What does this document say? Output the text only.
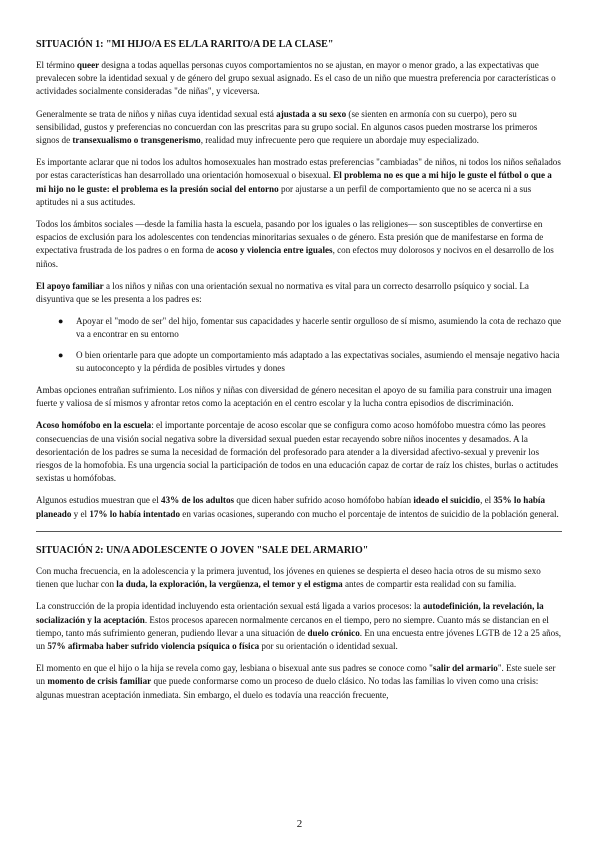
SITUACIÓN 1: "MI HIJO/A ES EL/LA RARITO/A DE LA CLASE"

El término queer designa a todas aquellas personas cuyos comportamientos no se ajustan, en mayor o menor grado, a las expectativas que prevalecen sobre la identidad sexual y de género del grupo sexual asignado. Es el caso de un niño que muestra preferencia por características o actividades socialmente consideradas "de niñas", y viceversa.

Generalmente se trata de niños y niñas cuya identidad sexual está ajustada a su sexo (se sienten en armonía con su cuerpo), pero su sensibilidad, gustos y preferencias no concuerdan con las prescritas para su grupo social. En algunos casos pueden mostrarse los primeros signos de transexualismo o transgenerismo, realidad muy infrecuente pero que requiere un abordaje muy especializado.

Es importante aclarar que ni todos los adultos homosexuales han mostrado estas preferencias "cambiadas" de niños, ni todos los niños señalados por estas características han desarrollado una orientación homosexual o bisexual. El problema no es que a mi hijo le guste el fútbol o que a mi hijo no le guste: el problema es la presión social del entorno por ajustarse a un perfil de comportamiento que no se acerca ni a sus aptitudes ni a sus actitudes.

Todos los ámbitos sociales —desde la familia hasta la escuela, pasando por los iguales o las religiones— son susceptibles de convertirse en espacios de exclusión para los adolescentes con tendencias minoritarias sexuales o de género. Esta presión que de manifestarse en forma de expectativa frustrada de los padres o en forma de acoso y violencia entre iguales, con efectos muy dolorosos y nocivos en el desarrollo de los niños.

El apoyo familiar a los niños y niñas con una orientación sexual no normativa es vital para un correcto desarrollo psíquico y social. La disyuntiva que se les presenta a los padres es:

● Apoyar el "modo de ser" del hijo, fomentar sus capacidades y hacerle sentir orgulloso de sí mismo, asumiendo la cota de rechazo que va a encontrar en su entorno
● O bien orientarle para que adopte un comportamiento más adaptado a las expectativas sociales, asumiendo el mensaje negativo hacia su autoconcepto y la pérdida de posibles virtudes y dones

Ambas opciones entrañan sufrimiento. Los niños y niñas con diversidad de género necesitan el apoyo de su familia para construir una imagen fuerte y valiosa de sí mismos y afrontar retos como la aceptación en el centro escolar y la lucha contra episodios de discriminación.

Acoso homófobo en la escuela: el importante porcentaje de acoso escolar que se configura como acoso homófobo muestra cómo las peores consecuencias de una visión social negativa sobre la diversidad sexual pueden estar recayendo sobre niños inocentes y desamados. A la desorientación de los padres se suma la necesidad de formación del profesorado para atender a la diversidad afectivo-sexual y prevenir los riesgos de la homofobia. Es una urgencia social la participación de todos en una educación capaz de cortar de raíz los chistes, burlas o actitudes sexistas u homófobas.

Algunos estudios muestran que el 43% de los adultos que dicen haber sufrido acoso homófobo habían ideado el suicidio, el 35% lo había planeado y el 17% lo había intentado en varias ocasiones, superando con mucho el porcentaje de intentos de suicidio de la población general.

SITUACIÓN 2: UN/A ADOLESCENTE O JOVEN "SALE DEL ARMARIO"

Con mucha frecuencia, en la adolescencia y la primera juventud, los jóvenes en quienes se despierta el deseo hacia otros de su mismo sexo tienen que luchar con la duda, la exploración, la vergüenza, el temor y el estigma antes de compartir esta realidad con su familia.

La construcción de la propia identidad incluyendo esta orientación sexual está ligada a varios procesos: la autodefinición, la revelación, la socialización y la aceptación. Estos procesos aparecen normalmente cercanos en el tiempo, pero no siempre. Cuanto más se distancian en el tiempo, tanto más sufrimiento generan, pudiendo llevar a una situación de duelo crónico. En una encuesta entre jóvenes LGTB de 12 a 25 años, un 57% afirmaba haber sufrido violencia psíquica o física por su orientación o identidad sexual.

El momento en que el hijo o la hija se revela como gay, lesbiana o bisexual ante sus padres se conoce como "salir del armario". Este suele ser un momento de crisis familiar que puede conformarse como un proceso de duelo clásico. No todas las familias lo viven como una crisis: algunas muestran aceptación inmediata. Sin embargo, el duelo es todavía una reacción frecuente,

2
